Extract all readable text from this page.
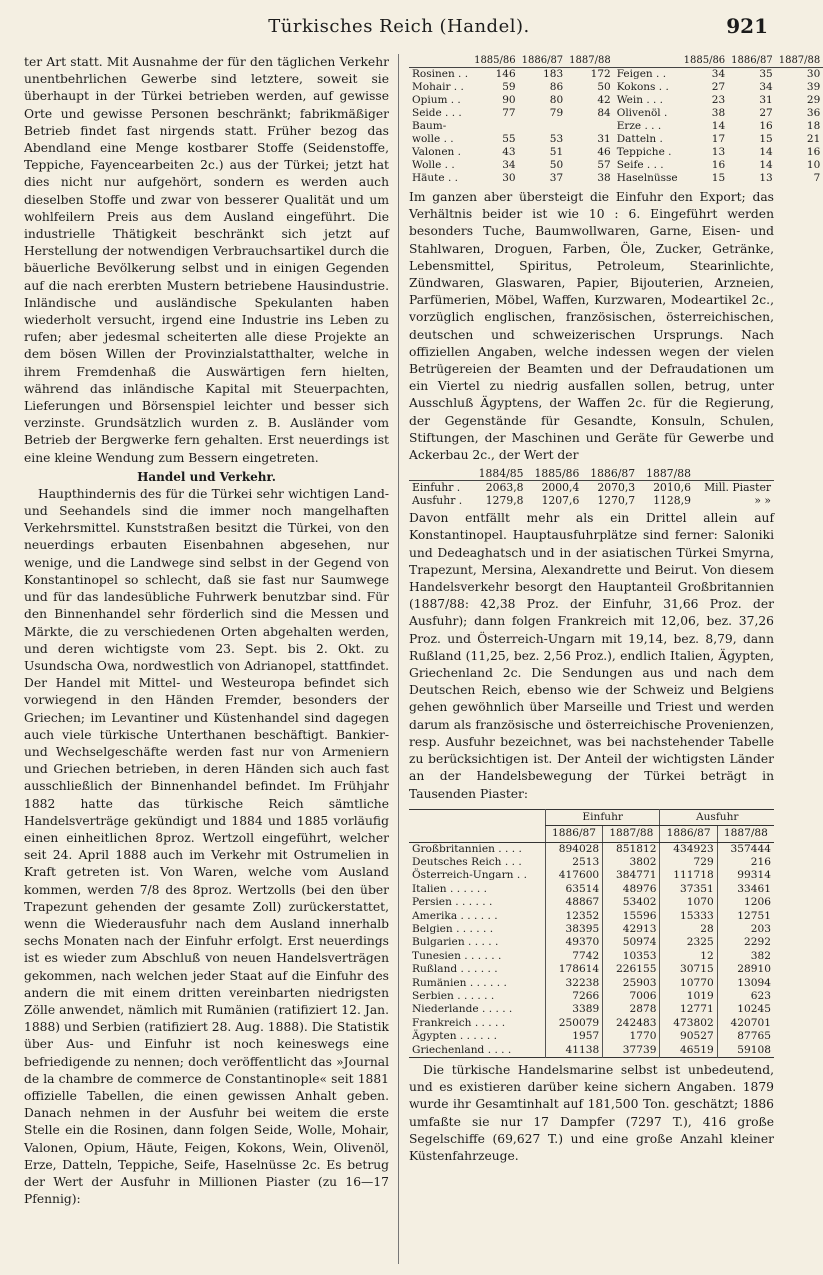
Türkisches Reich (Handel).	921

ter Art statt. Mit Ausnahme der für den täglichen Verkehr unentbehrlichen Gewerbe sind letztere, soweit sie überhaupt in der Türkei betrieben werden, auf gewisse Orte und gewisse Personen beschränkt; fabrikmäßiger Betrieb findet fast nirgends statt. Früher bezog das Abendland eine Menge kostbarer Stoffe (Seidenstoffe, Teppiche, Fayencearbeiten 2c.) aus der Türkei; jetzt hat dies nicht nur aufgehört, sondern es werden auch dieselben Stoffe und zwar von besserer Qualität und um wohlfeilern Preis aus dem Ausland eingeführt. Die industrielle Thätigkeit beschränkt sich jetzt auf Herstellung der notwendigen Verbrauchsartikel durch die bäuerliche Bevölkerung selbst und in einigen Gegenden auf die nach ererbten Mustern betriebene Hausindustrie. Inländische und ausländische Spekulanten haben wiederholt versucht, irgend eine Industrie ins Leben zu rufen; aber jedesmal scheiterten alle diese Projekte an dem bösen Willen der Provinzialstatthalter, welche in ihrem Fremdenhaß die Auswärtigen fern hielten, während das inländische Kapital mit Steuerpachten, Lieferungen und Börsenspiel leichter und besser sich verzinste. Grundsätzlich wurden z. B. Ausländer vom Betrieb der Bergwerke fern gehalten. Erst neuerdings ist eine kleine Wendung zum Bessern eingetreten.

Handel und Verkehr.

Haupthindernis des für die Türkei sehr wichtigen Land- und Seehandels sind die immer noch mangelhaften Verkehrsmittel. Kunststraßen besitzt die Türkei, von den neuerdings erbauten Eisenbahnen abgesehen, nur wenige, und die Landwege sind selbst in der Gegend von Konstantinopel so schlecht, daß sie fast nur Saumwege und für das landesübliche Fuhrwerk benutzbar sind. Für den Binnenhandel sehr förderlich sind die Messen und Märkte, die zu verschiedenen Orten abgehalten werden, und deren wichtigste vom 23. Sept. bis 2. Okt. zu Usundscha Owa, nordwestlich von Adrianopel, stattfindet. Der Handel mit Mittel- und Westeuropa befindet sich vorwiegend in den Händen Fremder, besonders der Griechen; im Levantiner und Küstenhandel sind dagegen auch viele türkische Unterthanen beschäftigt. Bankier- und Wechselgeschäfte werden fast nur von Armeniern und Griechen betrieben, in deren Händen sich auch fast ausschließlich der Binnenhandel befindet. Im Frühjahr 1882 hatte das türkische Reich sämtliche Handelsverträge gekündigt und 1884 und 1885 vorläufig einen einheitlichen 8proz. Wertzoll eingeführt, welcher seit 24. April 1888 auch im Verkehr mit Ostrumelien in Kraft getreten ist. Von Waren, welche vom Ausland kommen, werden 7/8 des 8proz. Wertzolls (bei den über Trapezunt gehenden der gesamte Zoll) zurückerstattet, wenn die Wiederausfuhr nach dem Ausland innerhalb sechs Monaten nach der Einfuhr erfolgt. Erst neuerdings ist es wieder zum Abschluß von neuen Handelsverträgen gekommen, nach welchen jeder Staat auf die Einfuhr des andern die mit einem dritten vereinbarten niedrigsten Zölle anwendet, nämlich mit Rumänien (ratifiziert 12. Jan. 1888) und Serbien (ratifiziert 28. Aug. 1888). Die Statistik über Aus- und Einfuhr ist noch keineswegs eine befriedigende zu nennen; doch veröffentlicht das »Journal de la chambre de commerce de Constantinople« seit 1881 offizielle Tabellen, die einen gewissen Anhalt geben. Danach nehmen in der Ausfuhr bei weitem die erste Stelle ein die Rosinen, dann folgen Seide, Wolle, Mohair, Valonen, Opium, Häute, Feigen, Kokons, Wein, Olivenöl, Erze, Datteln, Teppiche, Seife, Haselnüsse 2c. Es betrug der Wert der Ausfuhr in Millionen Piaster (zu 16—17 Pfennig):

	1885/86	1886/87	1887/88
Rosinen . .	146	183	172
Mohair . .	59	86	50
Opium . .	90	80	42
Seide . . .	77	79	84
Baum-			
wolle . .	55	53	31
Valonen .	43	51	46
Wolle . .	34	50	57
Häute . .	30	37	38
	1885/86	1886/87	1887/88
Feigen . .	34	35	30
Kokons . .	27	34	39
Wein . . .	23	31	29
Olivenöl .	38	27	36
Erze . . .	14	16	18
Datteln .	17	15	21
Teppiche .	13	14	16
Seife . . .	16	14	10
Haselnüsse	15	13	7

Im ganzen aber übersteigt die Einfuhr den Export; das Verhältnis beider ist wie 10 : 6. Eingeführt werden besonders Tuche, Baumwollwaren, Garne, Eisen- und Stahlwaren, Droguen, Farben, Öle, Zucker, Getränke, Lebensmittel, Spiritus, Petroleum, Stearinlichte, Zündwaren, Glaswaren, Papier, Bijouterien, Arzneien, Parfümerien, Möbel, Waffen, Kurzwaren, Modeartikel 2c., vorzüglich englischen, französischen, österreichischen, deutschen und schweizerischen Ursprungs. Nach offiziellen Angaben, welche indessen wegen der vielen Betrügereien der Beamten und der Defraudationen um ein Viertel zu niedrig ausfallen sollen, betrug, unter Ausschluß Ägyptens, der Waffen 2c. für die Regierung, der Gegenstände für Gesandte, Konsuln, Schulen, Stiftungen, der Maschinen und Geräte für Gewerbe und Ackerbau 2c., der Wert der

	1884/85	1885/86	1886/87	1887/88	
Einfuhr .	2063,8	2000,4	2070,3	2010,6	Mill. Piaster
Ausfuhr .	1279,8	1207,6	1270,7	1128,9	» »

Davon entfällt mehr als ein Drittel allein auf Konstantinopel. Hauptausfuhrplätze sind ferner: Saloniki und Dedeaghatsch und in der asiatischen Türkei Smyrna, Trapezunt, Mersina, Alexandrette und Beirut. Von diesem Handelsverkehr besorgt den Hauptanteil Großbritannien (1887/88: 42,38 Proz. der Einfuhr, 31,66 Proz. der Ausfuhr); dann folgen Frankreich mit 12,06, bez. 37,26 Proz. und Österreich-Ungarn mit 19,14, bez. 8,79, dann Rußland (11,25, bez. 2,56 Proz.), endlich Italien, Ägypten, Griechenland 2c. Die Sendungen aus und nach dem Deutschen Reich, ebenso wie der Schweiz und Belgiens gehen gewöhnlich über Marseille und Triest und werden darum als französische und österreichische Provenienzen, resp. Ausfuhr bezeichnet, was bei nachstehender Tabelle zu berücksichtigen ist. Der Anteil der wichtigsten Länder an der Handelsbewegung der Türkei beträgt in Tausenden Piaster:

	Einfuhr		Ausfuhr	
	1886/87	1887/88	1886/87	1887/88
Großbritannien . . . .	894028	851812	434923	357444
Deutsches Reich . . .	2513	3802	729	216
Österreich-Ungarn . .	417600	384771	111718	99314
Italien . . . . . .	63514	48976	37351	33461
Persien . . . . . .	48867	53402	1070	1206
Amerika . . . . . .	12352	15596	15333	12751
Belgien . . . . . .	38395	42913	28	203
Bulgarien . . . . .	49370	50974	2325	2292
Tunesien . . . . . .	7742	10353	12	382
Rußland . . . . . .	178614	226155	30715	28910
Rumänien . . . . . .	32238	25903	10770	13094
Serbien . . . . . .	7266	7006	1019	623
Niederlande . . . . .	3389	2878	12771	10245
Frankreich . . . . .	250079	242483	473802	420701
Ägypten . . . . . .	1957	1770	90527	87765
Griechenland . . . .	41138	37739	46519	59108

Die türkische Handelsmarine selbst ist unbedeutend, und es existieren darüber keine sichern Angaben. 1879 wurde ihr Gesamtinhalt auf 181,500 Ton. geschätzt; 1886 umfaßte sie nur 17 Dampfer (7297 T.), 416 große Segelschiffe (69,627 T.) und eine große Anzahl kleiner Küstenfahrzeuge.
